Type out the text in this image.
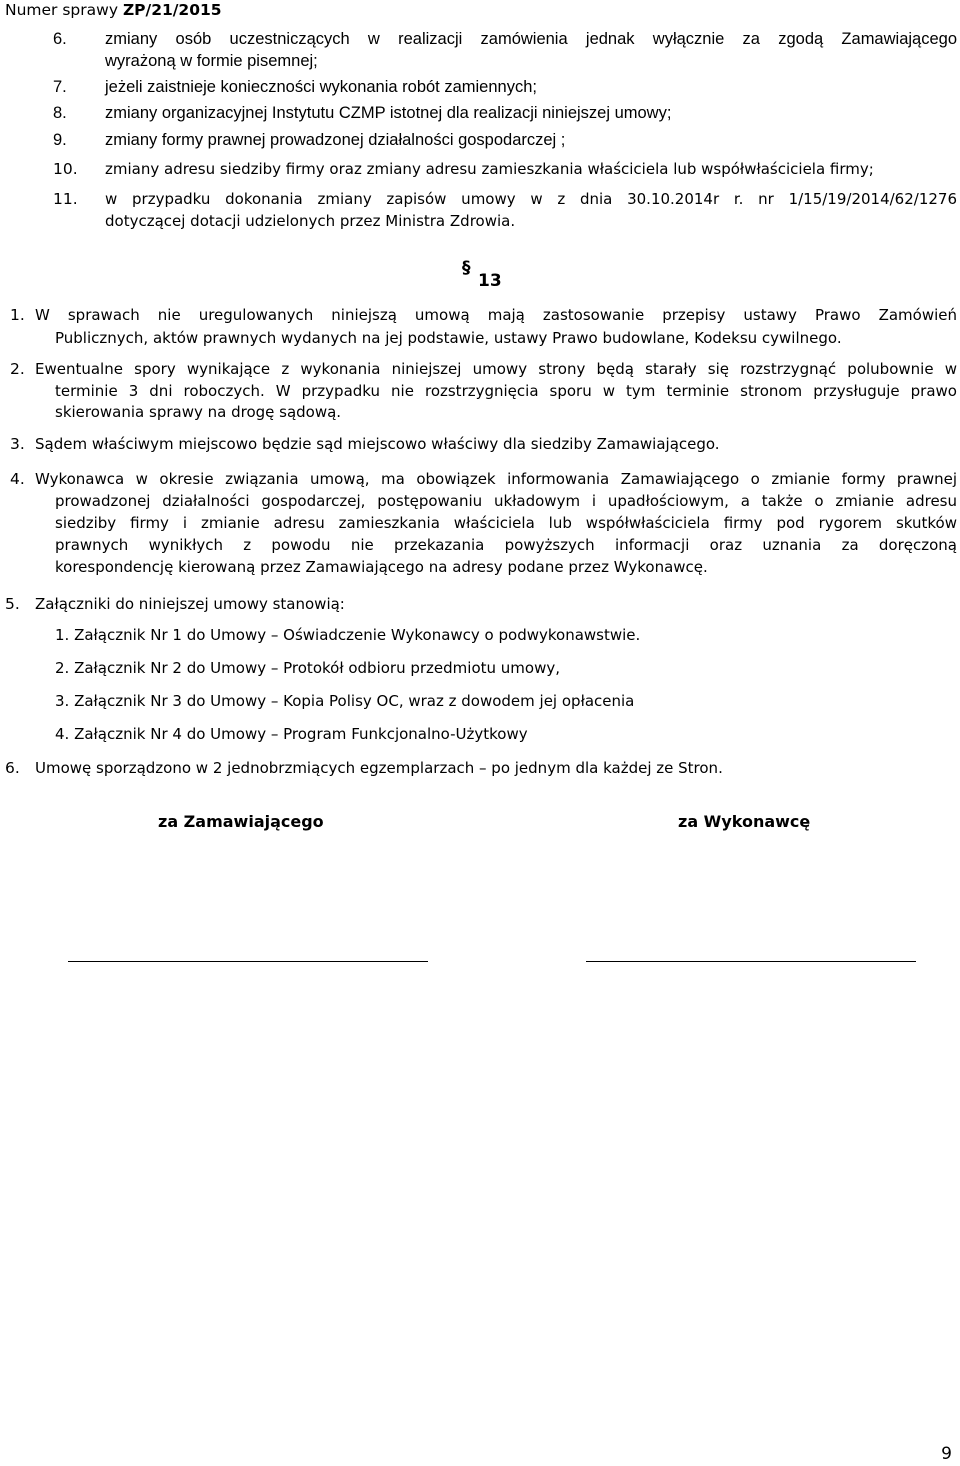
Numer sprawy ZP/21/2015
6. zmiany osób uczestniczących w realizacji zamówienia jednak wyłącznie za zgodą Zamawiającego
wyrażoną w formie pisemnej;
7. jeżeli zaistnieje konieczności wykonania robót zamiennych;
8. zmiany organizacyjnej Instytutu CZMP istotnej dla realizacji niniejszej umowy;
9. zmiany formy prawnej prowadzonej działalności gospodarczej ;
10. zmiany adresu siedziby firmy oraz zmiany adresu zamieszkania właściciela lub współwłaściciela firmy;
11. w przypadku dokonania zmiany zapisów umowy w z dnia 30.10.2014r r. nr 1/15/19/2014/62/1276
dotyczącej dotacji udzielonych przez Ministra Zdrowia.
§
13
1. W sprawach nie uregulowanych niniejszą umową mają zastosowanie przepisy ustawy Prawo Zamówień
Publicznych, aktów prawnych wydanych na jej podstawie, ustawy Prawo budowlane, Kodeksu cywilnego.
2. Ewentualne spory wynikające z wykonania niniejszej umowy strony będą starały się rozstrzygnąć polubownie w
terminie 3 dni roboczych. W przypadku nie rozstrzygnięcia sporu w tym terminie stronom przysługuje prawo
skierowania sprawy na drogę sądową.
3. Sądem właściwym miejscowo będzie sąd miejscowo właściwy dla siedziby Zamawiającego.
4. Wykonawca w okresie związania umową, ma obowiązek informowania Zamawiającego o zmianie formy prawnej
prowadzonej działalności gospodarczej, postępowaniu układowym i upadłościowym, a także o zmianie adresu
siedziby firmy i zmianie adresu zamieszkania właściciela lub współwłaściciela firmy pod rygorem skutków
prawnych wynikłych z powodu nie przekazania powyższych informacji oraz uznania za doręczoną
korespondencję kierowaną przez Zamawiającego na adresy podane przez Wykonawcę.
5. Załączniki do niniejszej umowy stanowią:
1. Załącznik Nr 1 do Umowy – Oświadczenie Wykonawcy o podwykonawstwie.
2. Załącznik Nr 2 do Umowy – Protokół odbioru przedmiotu umowy,
3. Załącznik Nr 3 do Umowy – Kopia Polisy OC, wraz z dowodem jej opłacenia
4. Załącznik Nr 4 do Umowy – Program Funkcjonalno-Użytkowy
6. Umowę sporządzono w 2 jednobrzmiących egzemplarzach – po jednym dla każdej ze Stron.
za Zamawiającego	za Wykonawcę
9
